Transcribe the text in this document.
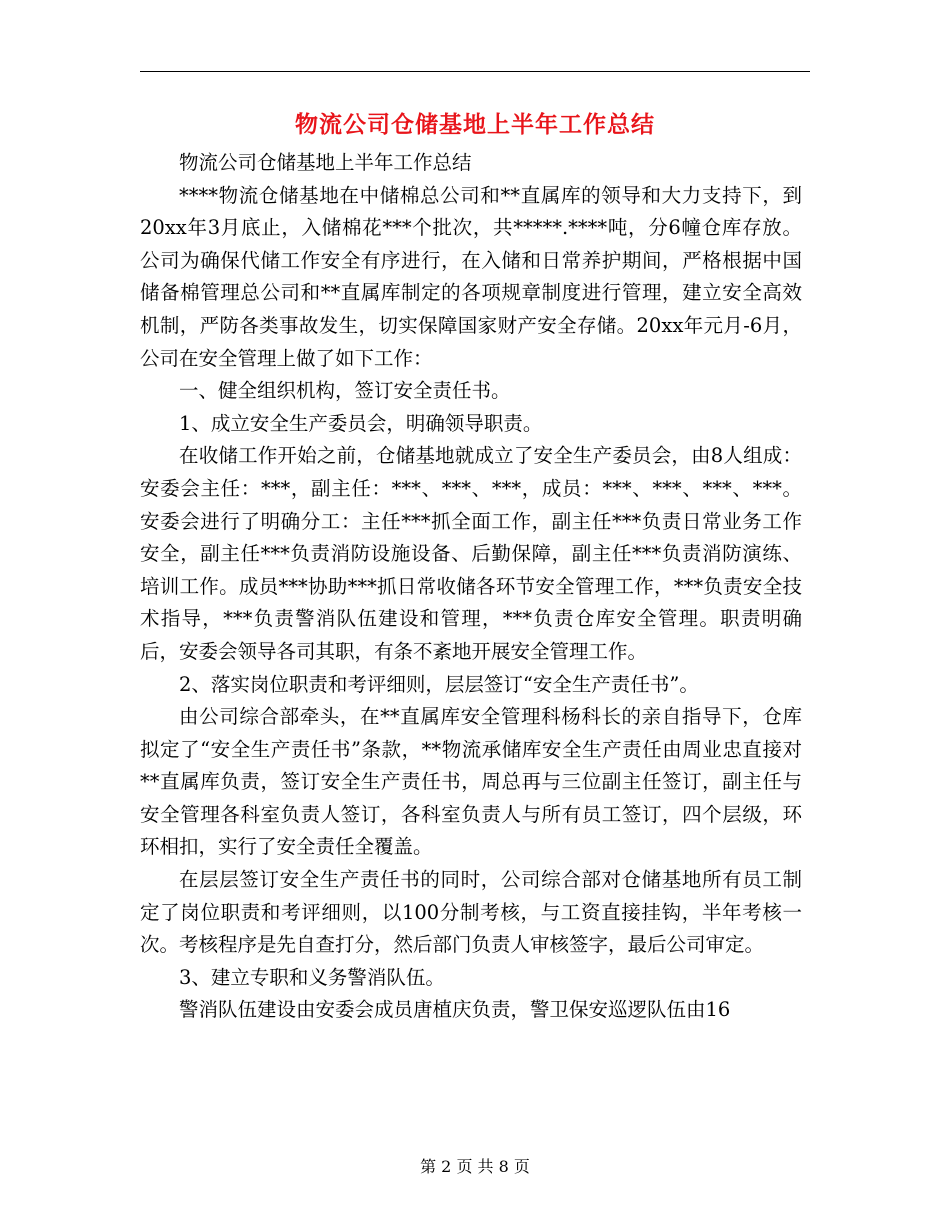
物流公司仓储基地上半年工作总结

物流公司仓储基地上半年工作总结

****物流仓储基地在中储棉总公司和**直属库的领导和大力支持下，到20xx年3月底止，入储棉花***个批次，共*****.****吨，分6幢仓库存放。公司为确保代储工作安全有序进行，在入储和日常养护期间，严格根据中国储备棉管理总公司和**直属库制定的各项规章制度进行管理，建立安全高效机制，严防各类事故发生，切实保障国家财产安全存储。20xx年元月-6月，公司在安全管理上做了如下工作：

一、健全组织机构，签订安全责任书。

1、成立安全生产委员会，明确领导职责。

在收储工作开始之前，仓储基地就成立了安全生产委员会，由8人组成：安委会主任：***，副主任：***、***、***，成员：***、***、***、***。安委会进行了明确分工：主任***抓全面工作，副主任***负责日常业务工作安全，副主任***负责消防设施设备、后勤保障，副主任***负责消防演练、培训工作。成员***协助***抓日常收储各环节安全管理工作，***负责安全技术指导，***负责警消队伍建设和管理，***负责仓库安全管理。职责明确后，安委会领导各司其职，有条不紊地开展安全管理工作。

2、落实岗位职责和考评细则，层层签订“安全生产责任书”。

由公司综合部牵头，在**直属库安全管理科杨科长的亲自指导下，仓库拟定了“安全生产责任书”条款，**物流承储库安全生产责任由周业忠直接对**直属库负责，签订安全生产责任书，周总再与三位副主任签订，副主任与安全管理各科室负责人签订，各科室负责人与所有员工签订，四个层级，环环相扣，实行了安全责任全覆盖。

在层层签订安全生产责任书的同时，公司综合部对仓储基地所有员工制定了岗位职责和考评细则，以100分制考核，与工资直接挂钩，半年考核一次。考核程序是先自查打分，然后部门负责人审核签字，最后公司审定。

3、建立专职和义务警消队伍。

警消队伍建设由安委会成员唐植庆负责，警卫保安巡逻队伍由16

第 2 页 共 8 页
